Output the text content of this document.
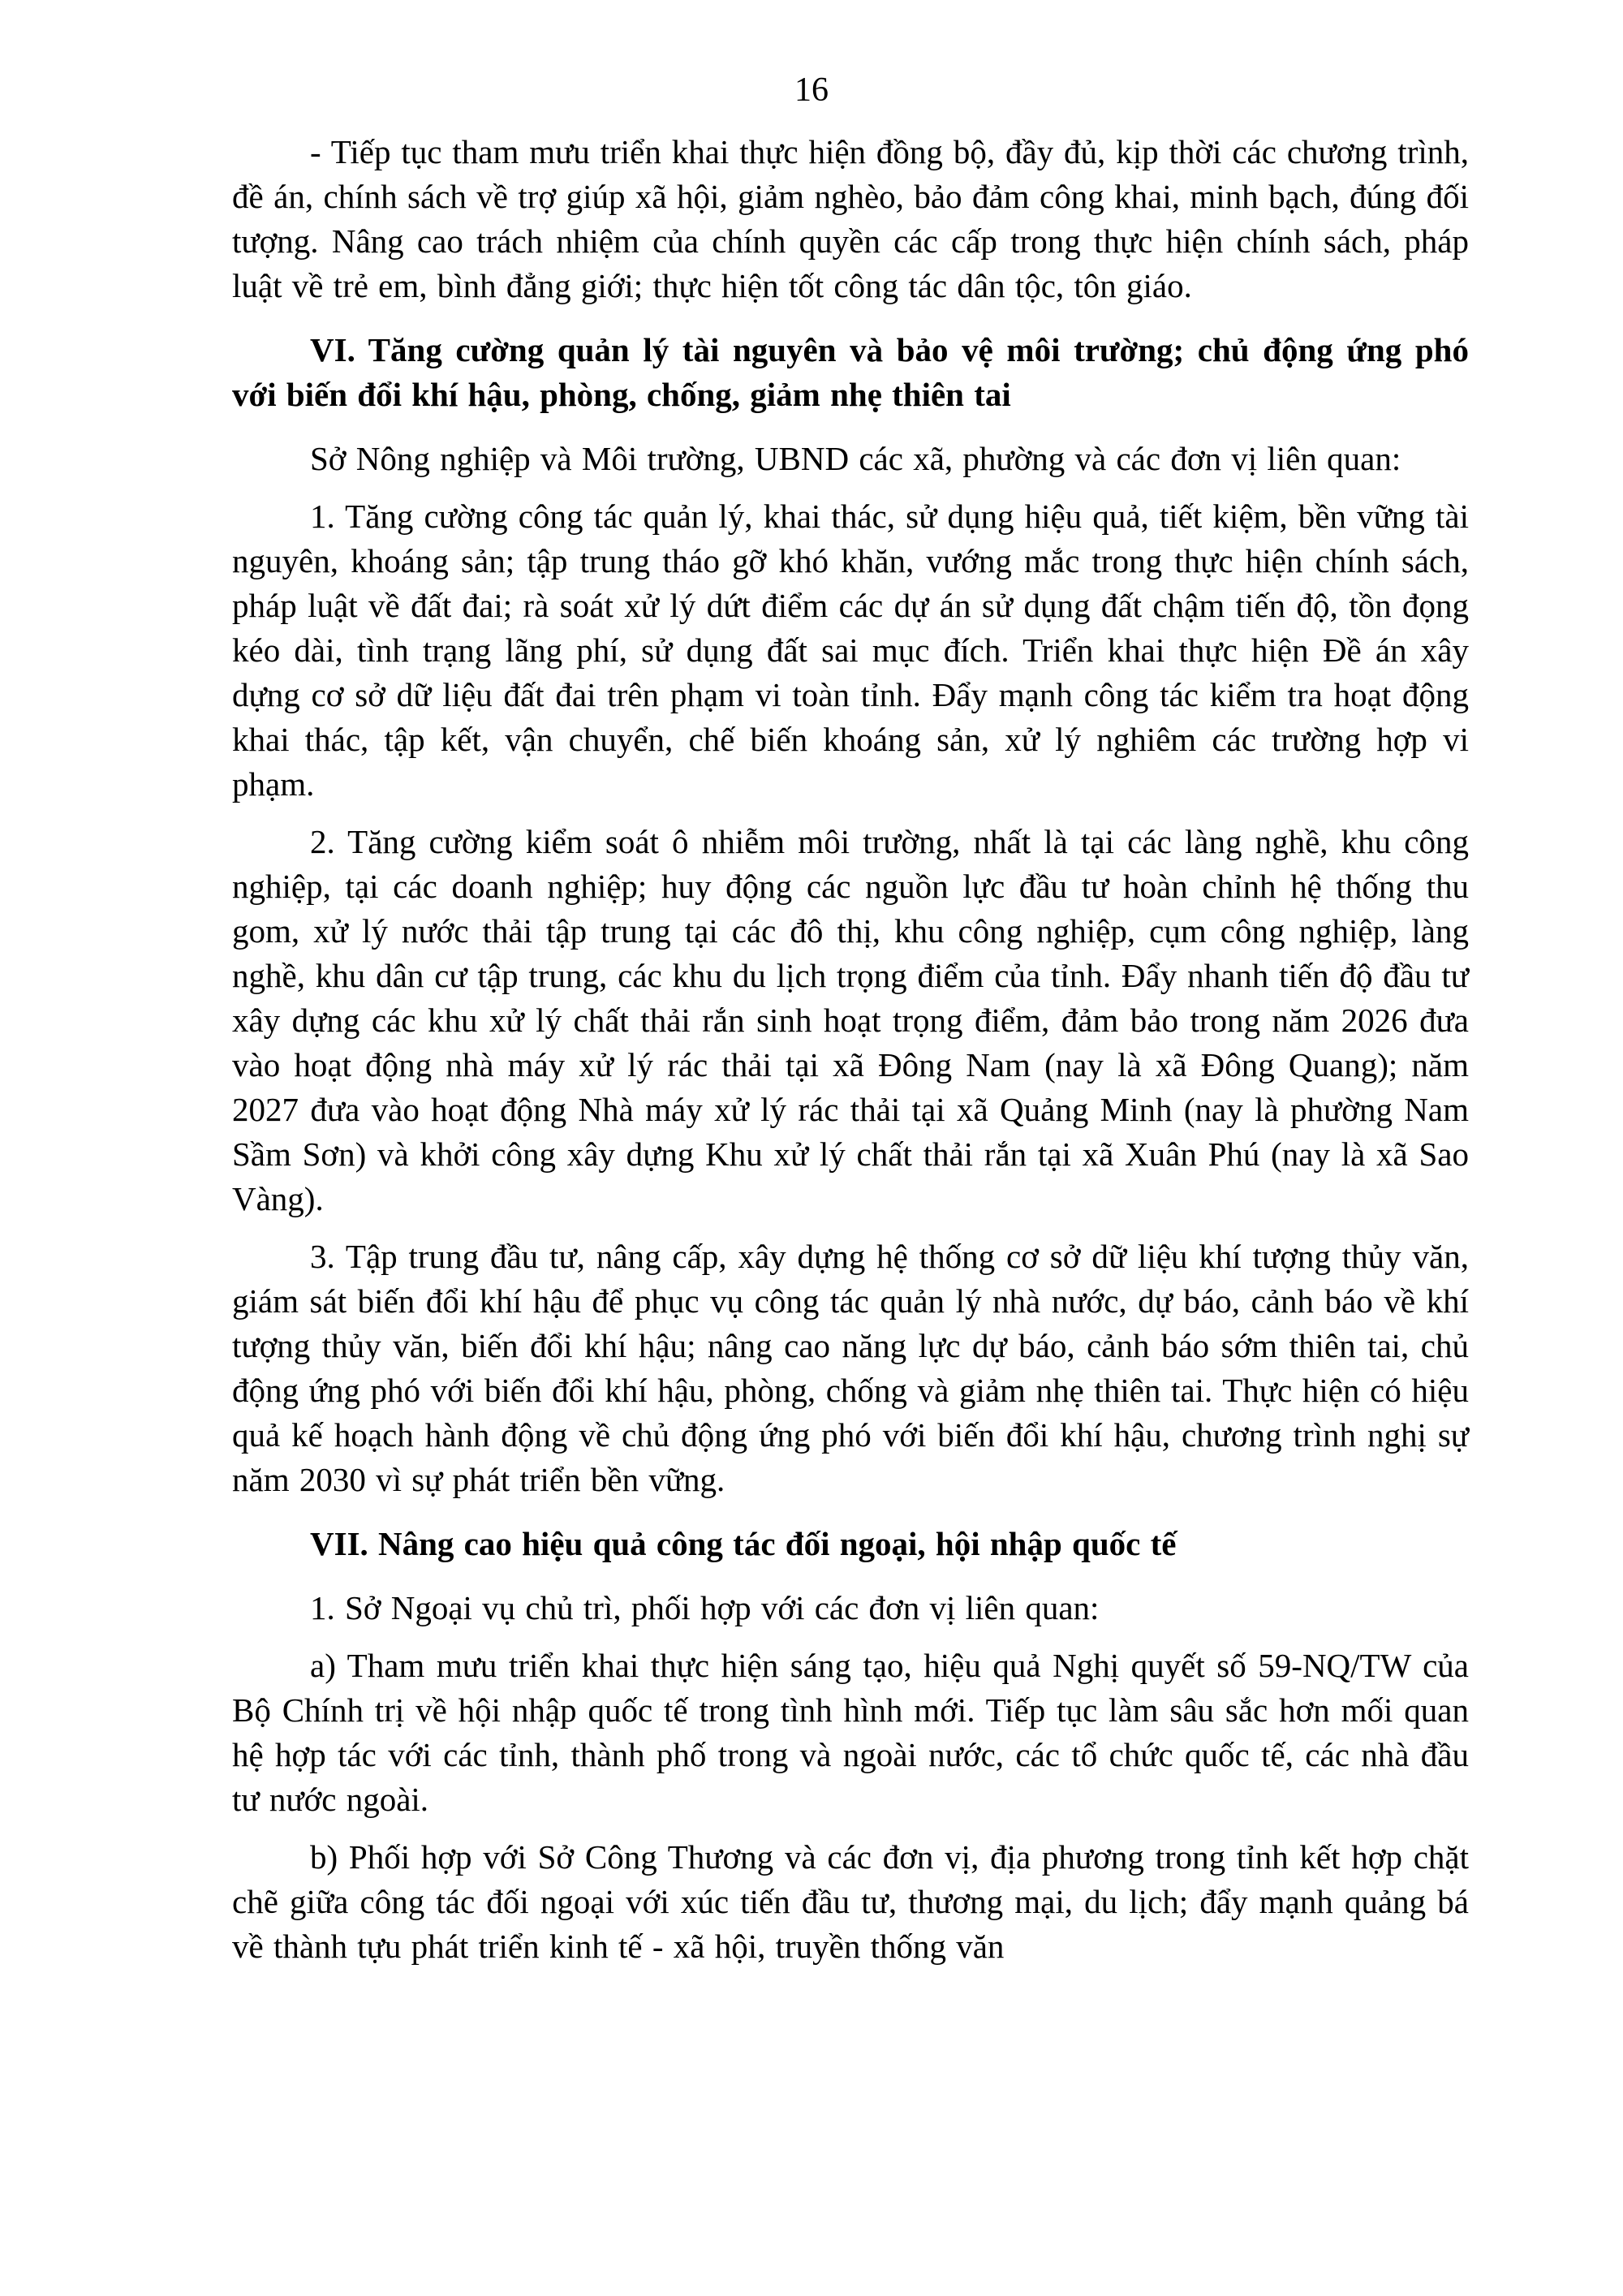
16

- Tiếp tục tham mưu triển khai thực hiện đồng bộ, đầy đủ, kịp thời các chương trình, đề án, chính sách về trợ giúp xã hội, giảm nghèo, bảo đảm công khai, minh bạch, đúng đối tượng. Nâng cao trách nhiệm của chính quyền các cấp trong thực hiện chính sách, pháp luật về trẻ em, bình đẳng giới; thực hiện tốt công tác dân tộc, tôn giáo.

VI. Tăng cường quản lý tài nguyên và bảo vệ môi trường; chủ động ứng phó với biến đổi khí hậu, phòng, chống, giảm nhẹ thiên tai

Sở Nông nghiệp và Môi trường, UBND các xã, phường và các đơn vị liên quan:

1. Tăng cường công tác quản lý, khai thác, sử dụng hiệu quả, tiết kiệm, bền vững tài nguyên, khoáng sản; tập trung tháo gỡ khó khăn, vướng mắc trong thực hiện chính sách, pháp luật về đất đai; rà soát xử lý dứt điểm các dự án sử dụng đất chậm tiến độ, tồn đọng kéo dài, tình trạng lãng phí, sử dụng đất sai mục đích. Triển khai thực hiện Đề án xây dựng cơ sở dữ liệu đất đai trên phạm vi toàn tỉnh. Đẩy mạnh công tác kiểm tra hoạt động khai thác, tập kết, vận chuyển, chế biến khoáng sản, xử lý nghiêm các trường hợp vi phạm.

2. Tăng cường kiểm soát ô nhiễm môi trường, nhất là tại các làng nghề, khu công nghiệp, tại các doanh nghiệp; huy động các nguồn lực đầu tư hoàn chỉnh hệ thống thu gom, xử lý nước thải tập trung tại các đô thị, khu công nghiệp, cụm công nghiệp, làng nghề, khu dân cư tập trung, các khu du lịch trọng điểm của tỉnh. Đẩy nhanh tiến độ đầu tư xây dựng các khu xử lý chất thải rắn sinh hoạt trọng điểm, đảm bảo trong năm 2026 đưa vào hoạt động nhà máy xử lý rác thải tại xã Đông Nam (nay là xã Đông Quang); năm 2027 đưa vào hoạt động Nhà máy xử lý rác thải tại xã Quảng Minh (nay là phường Nam Sầm Sơn) và khởi công xây dựng Khu xử lý chất thải rắn tại xã Xuân Phú (nay là xã Sao Vàng).

3. Tập trung đầu tư, nâng cấp, xây dựng hệ thống cơ sở dữ liệu khí tượng thủy văn, giám sát biến đổi khí hậu để phục vụ công tác quản lý nhà nước, dự báo, cảnh báo về khí tượng thủy văn, biến đổi khí hậu; nâng cao năng lực dự báo, cảnh báo sớm thiên tai, chủ động ứng phó với biến đổi khí hậu, phòng, chống và giảm nhẹ thiên tai. Thực hiện có hiệu quả kế hoạch hành động về chủ động ứng phó với biến đổi khí hậu, chương trình nghị sự năm 2030 vì sự phát triển bền vững.

VII. Nâng cao hiệu quả công tác đối ngoại, hội nhập quốc tế

1. Sở Ngoại vụ chủ trì, phối hợp với các đơn vị liên quan:

a) Tham mưu triển khai thực hiện sáng tạo, hiệu quả Nghị quyết số 59-NQ/TW của Bộ Chính trị về hội nhập quốc tế trong tình hình mới. Tiếp tục làm sâu sắc hơn mối quan hệ hợp tác với các tỉnh, thành phố trong và ngoài nước, các tổ chức quốc tế, các nhà đầu tư nước ngoài.

b) Phối hợp với Sở Công Thương và các đơn vị, địa phương trong tỉnh kết hợp chặt chẽ giữa công tác đối ngoại với xúc tiến đầu tư, thương mại, du lịch; đẩy mạnh quảng bá về thành tựu phát triển kinh tế - xã hội, truyền thống văn
